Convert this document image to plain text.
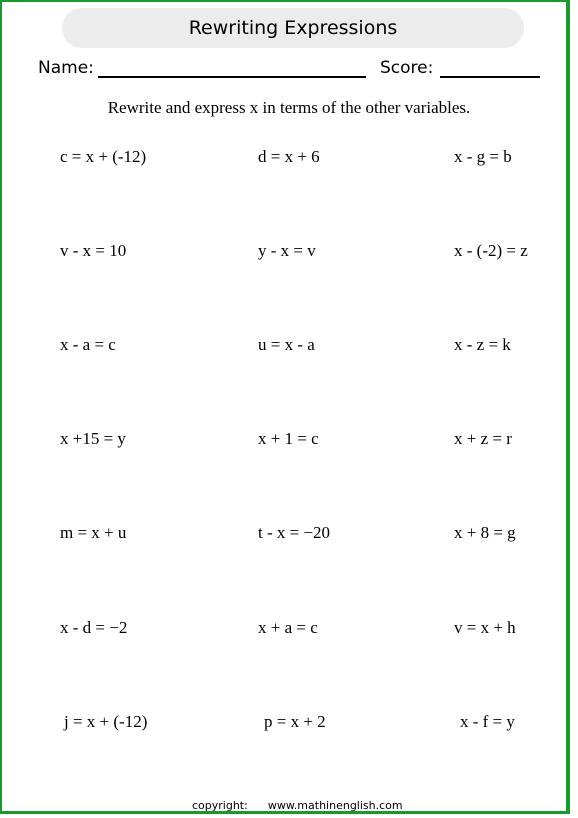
Rewriting Expressions
Name:	Score:
Rewrite and express x in terms of the other variables.
c = x + (-12)	d = x + 6	x - g = b
v - x = 10	y - x = v	x - (-2) = z
x - a = c	u = x - a	x - z = k
x +15 = y	x + 1 = c	x + z = r
m = x + u	t - x = −20	x + 8 = g
x - d = −2	x + a = c	v = x + h
j = x + (-12)	p = x + 2	x - f = y
copyright: www.mathinenglish.com
